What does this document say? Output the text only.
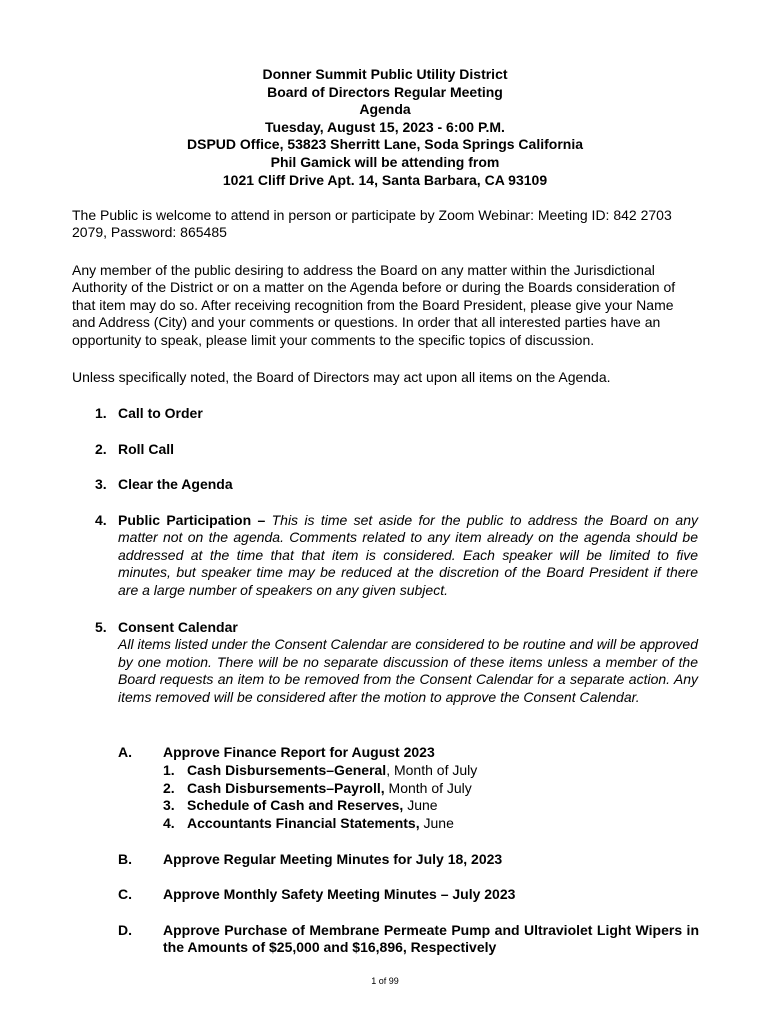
Donner Summit Public Utility District
Board of Directors Regular Meeting
Agenda
Tuesday, August 15, 2023 - 6:00 P.M.
DSPUD Office, 53823 Sherritt Lane, Soda Springs California
Phil Gamick will be attending from
1021 Cliff Drive Apt. 14, Santa Barbara, CA 93109

The Public is welcome to attend in person or participate by Zoom Webinar: Meeting ID: 842 2703 2079, Password: 865485

Any member of the public desiring to address the Board on any matter within the Jurisdictional Authority of the District or on a matter on the Agenda before or during the Boards consideration of that item may do so. After receiving recognition from the Board President, please give your Name and Address (City) and your comments or questions. In order that all interested parties have an opportunity to speak, please limit your comments to the specific topics of discussion.

Unless specifically noted, the Board of Directors may act upon all items on the Agenda.

1. Call to Order
2. Roll Call
3. Clear the Agenda
4. Public Participation – This is time set aside for the public to address the Board on any matter not on the agenda. Comments related to any item already on the agenda should be addressed at the time that that item is considered. Each speaker will be limited to five minutes, but speaker time may be reduced at the discretion of the Board President if there are a large number of speakers on any given subject.
5. Consent Calendar
All items listed under the Consent Calendar are considered to be routine and will be approved by one motion. There will be no separate discussion of these items unless a member of the Board requests an item to be removed from the Consent Calendar for a separate action. Any items removed will be considered after the motion to approve the Consent Calendar.
A. Approve Finance Report for August 2023
1. Cash Disbursements–General, Month of July
2. Cash Disbursements–Payroll, Month of July
3. Schedule of Cash and Reserves, June
4. Accountants Financial Statements, June
B. Approve Regular Meeting Minutes for July 18, 2023
C. Approve Monthly Safety Meeting Minutes – July 2023
D. Approve Purchase of Membrane Permeate Pump and Ultraviolet Light Wipers in the Amounts of $25,000 and $16,896, Respectively
1 of 99
